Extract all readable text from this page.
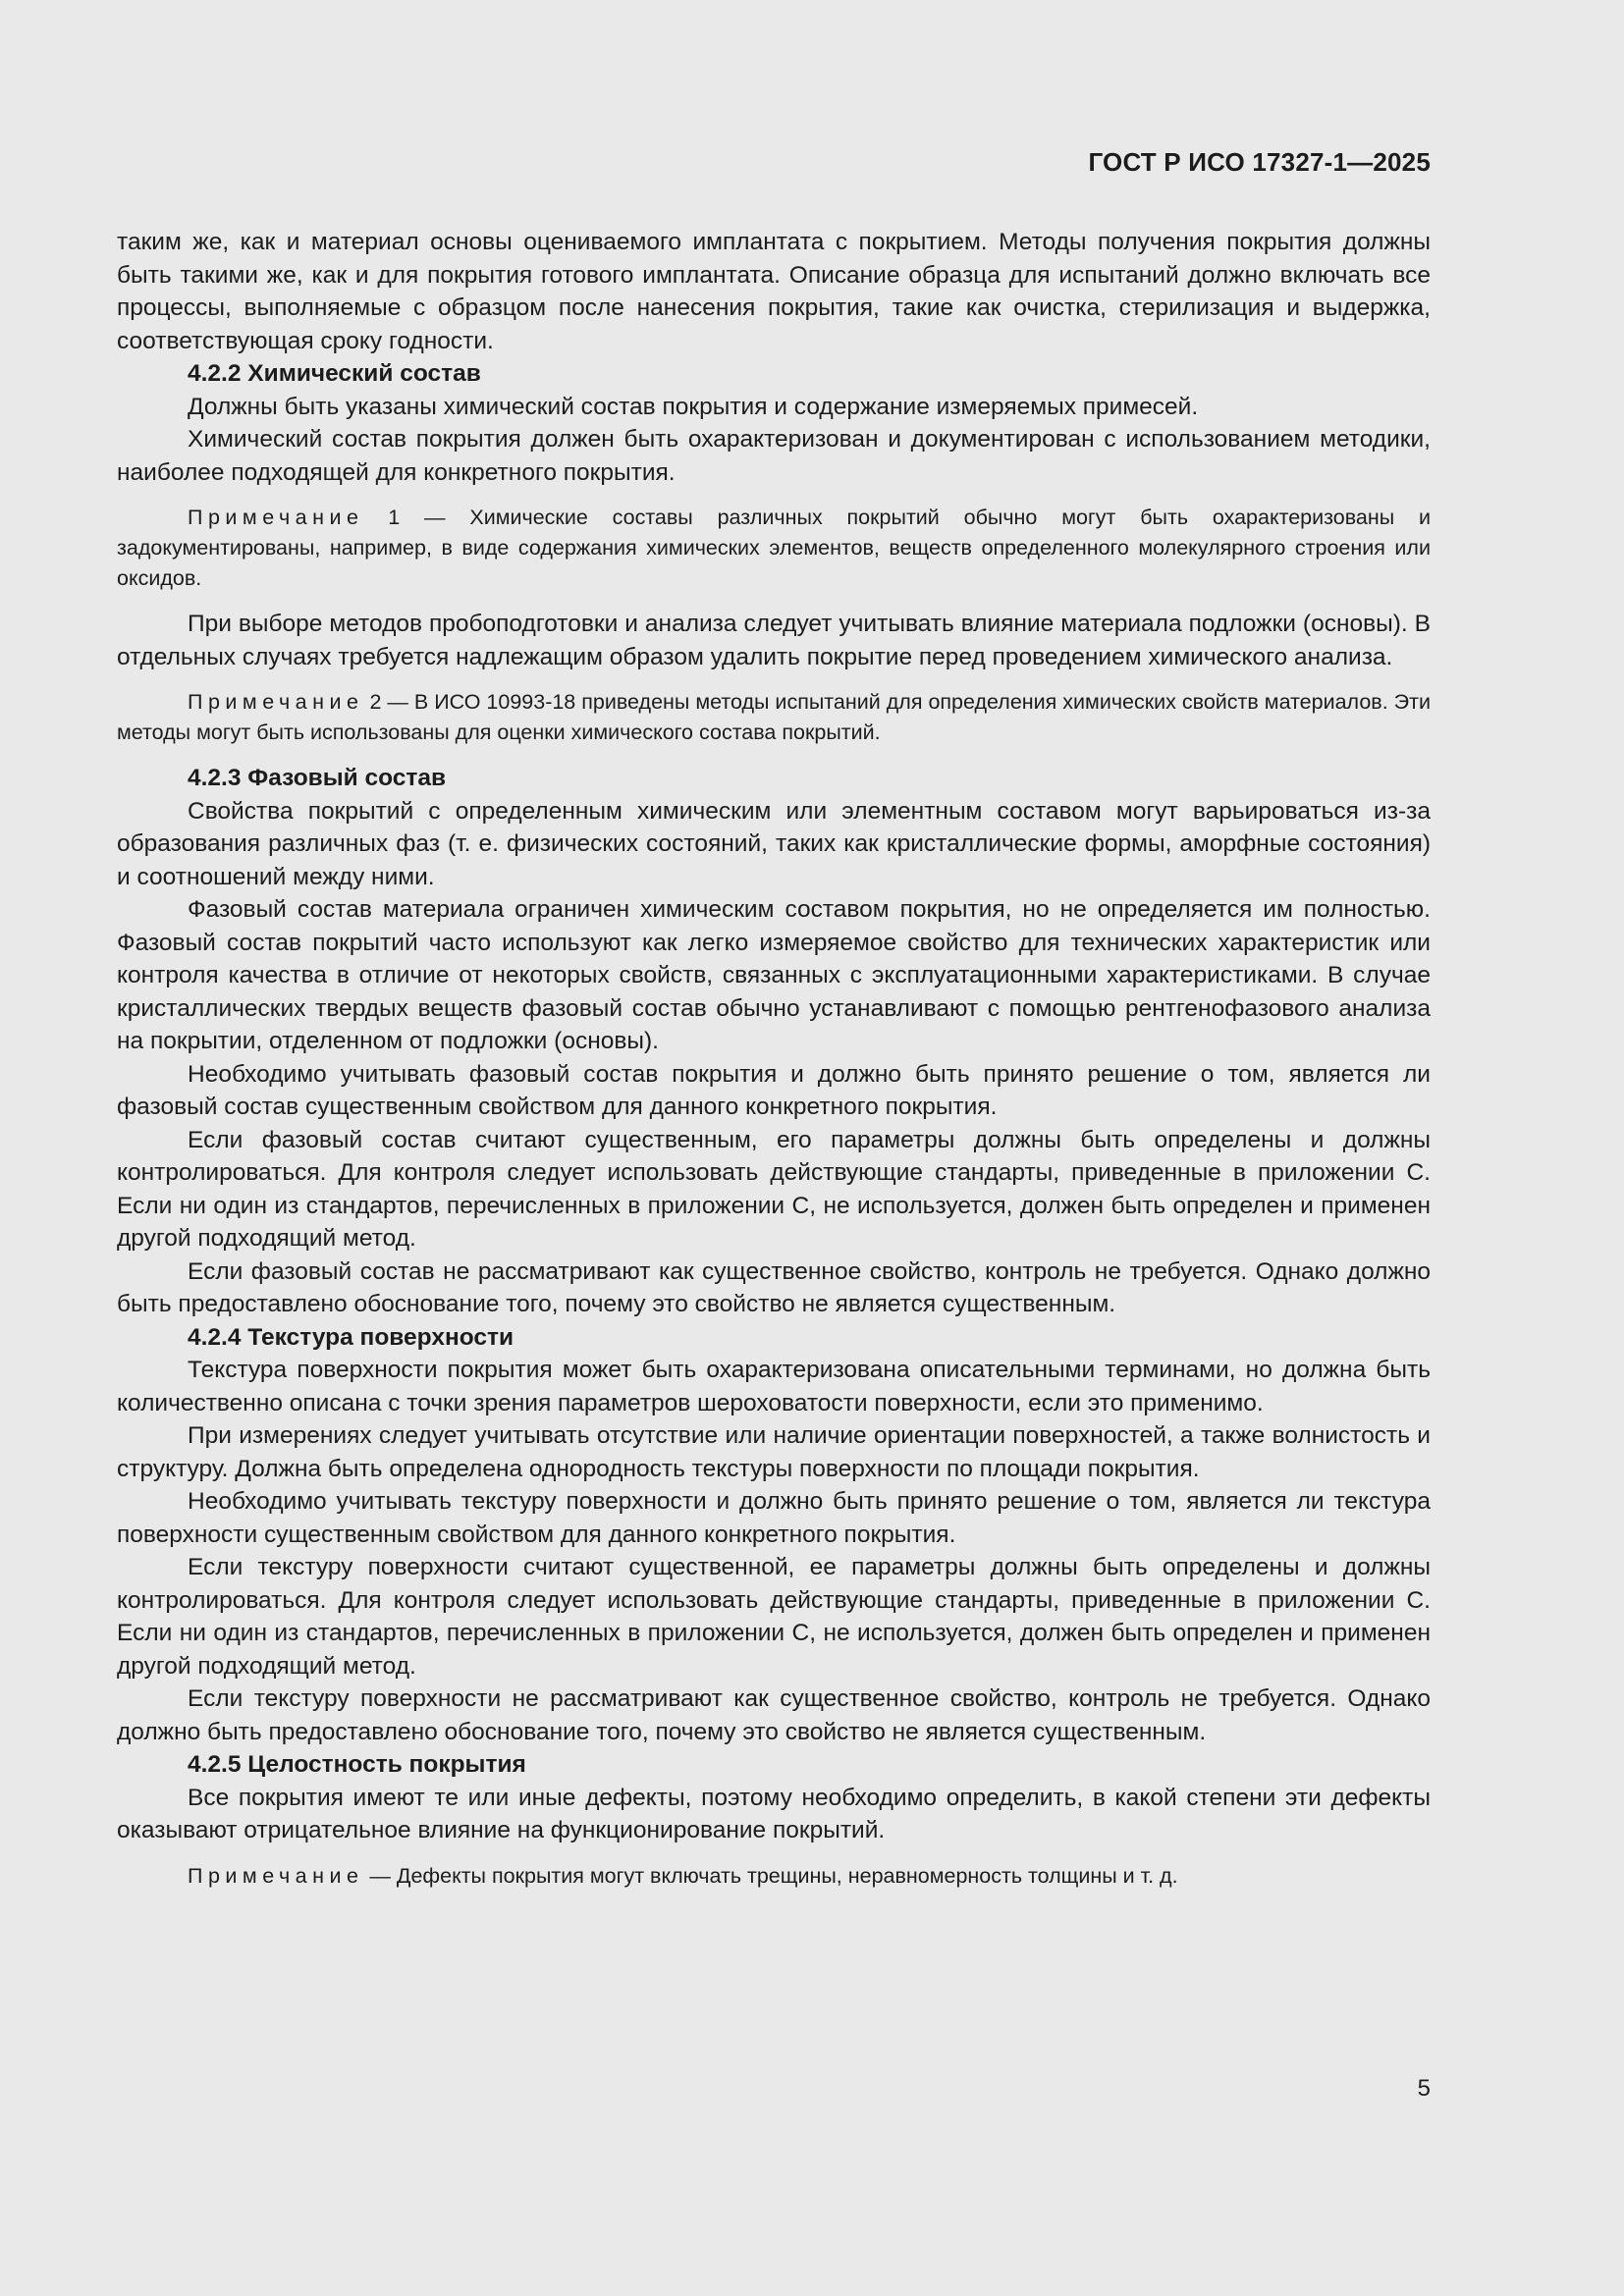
ГОСТ Р ИСО 17327-1—2025

таким же, как и материал основы оцениваемого имплантата с покрытием. Методы получения покрытия должны быть такими же, как и для покрытия готового имплантата. Описание образца для испытаний должно включать все процессы, выполняемые с образцом после нанесения покрытия, такие как очистка, стерилизация и выдержка, соответствующая сроку годности.

4.2.2 Химический состав

Должны быть указаны химический состав покрытия и содержание измеряемых примесей.

Химический состав покрытия должен быть охарактеризован и документирован с использованием методики, наиболее подходящей для конкретного покрытия.

Примечание 1 — Химические составы различных покрытий обычно могут быть охарактеризованы и задокументированы, например, в виде содержания химических элементов, веществ определенного молекулярного строения или оксидов.

При выборе методов пробоподготовки и анализа следует учитывать влияние материала подложки (основы). В отдельных случаях требуется надлежащим образом удалить покрытие перед проведением химического анализа.

Примечание 2 — В ИСО 10993-18 приведены методы испытаний для определения химических свойств материалов. Эти методы могут быть использованы для оценки химического состава покрытий.

4.2.3 Фазовый состав

Свойства покрытий с определенным химическим или элементным составом могут варьироваться из-за образования различных фаз (т. е. физических состояний, таких как кристаллические формы, аморфные состояния) и соотношений между ними.

Фазовый состав материала ограничен химическим составом покрытия, но не определяется им полностью. Фазовый состав покрытий часто используют как легко измеряемое свойство для технических характеристик или контроля качества в отличие от некоторых свойств, связанных с эксплуатационными характеристиками. В случае кристаллических твердых веществ фазовый состав обычно устанавливают с помощью рентгенофазового анализа на покрытии, отделенном от подложки (основы).

Необходимо учитывать фазовый состав покрытия и должно быть принято решение о том, является ли фазовый состав существенным свойством для данного конкретного покрытия.

Если фазовый состав считают существенным, его параметры должны быть определены и должны контролироваться. Для контроля следует использовать действующие стандарты, приведенные в приложении С. Если ни один из стандартов, перечисленных в приложении С, не используется, должен быть определен и применен другой подходящий метод.

Если фазовый состав не рассматривают как существенное свойство, контроль не требуется. Однако должно быть предоставлено обоснование того, почему это свойство не является существенным.

4.2.4 Текстура поверхности

Текстура поверхности покрытия может быть охарактеризована описательными терминами, но должна быть количественно описана с точки зрения параметров шероховатости поверхности, если это применимо.

При измерениях следует учитывать отсутствие или наличие ориентации поверхностей, а также волнистость и структуру. Должна быть определена однородность текстуры поверхности по площади покрытия.

Необходимо учитывать текстуру поверхности и должно быть принято решение о том, является ли текстура поверхности существенным свойством для данного конкретного покрытия.

Если текстуру поверхности считают существенной, ее параметры должны быть определены и должны контролироваться. Для контроля следует использовать действующие стандарты, приведенные в приложении С. Если ни один из стандартов, перечисленных в приложении С, не используется, должен быть определен и применен другой подходящий метод.

Если текстуру поверхности не рассматривают как существенное свойство, контроль не требуется. Однако должно быть предоставлено обоснование того, почему это свойство не является существенным.

4.2.5 Целостность покрытия

Все покрытия имеют те или иные дефекты, поэтому необходимо определить, в какой степени эти дефекты оказывают отрицательное влияние на функционирование покрытий.

Примечание — Дефекты покрытия могут включать трещины, неравномерность толщины и т. д.

5
